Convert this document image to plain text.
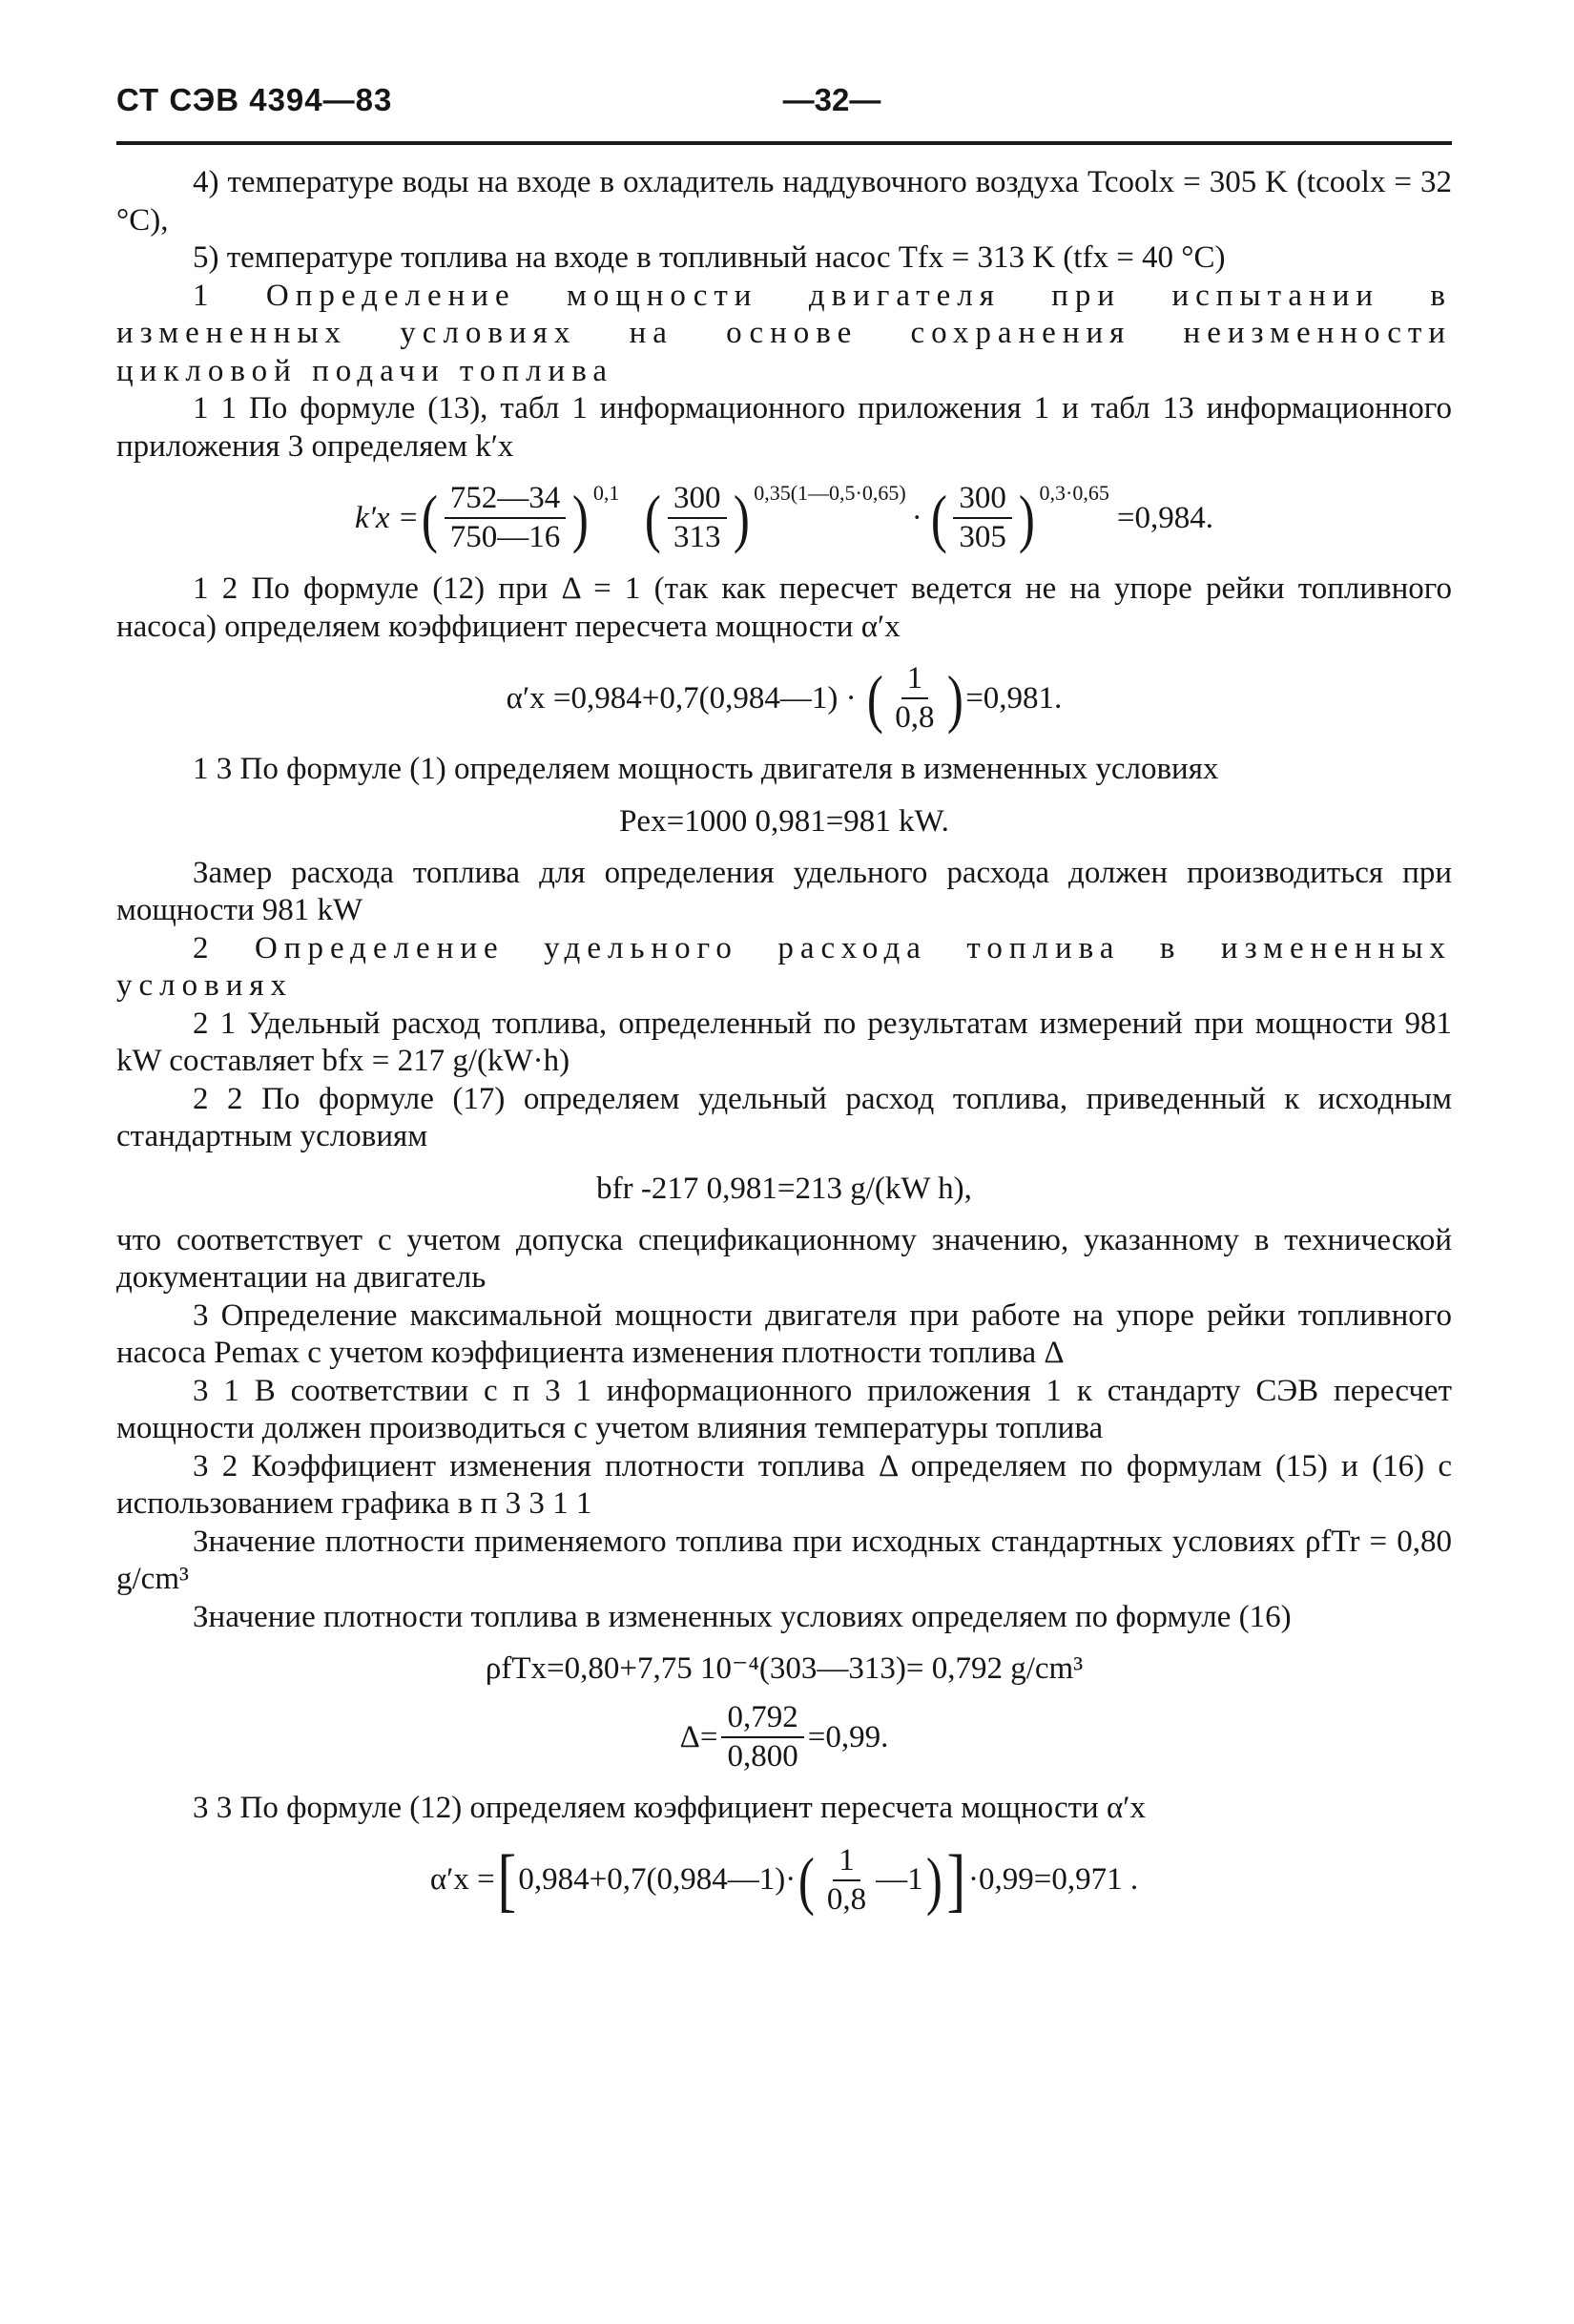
СТ СЭВ 4394—83	—32—

4) температуре воды на входе в охладитель наддувочного воздуха Tcoolx = 305 K (tcoolx = 32 °C),

5) температуре топлива на входе в топливный насос Tfx = 313 K (tfx = 40 °C)

1 Определение мощности двигателя при испытании в измененных условиях на основе сохранения неизменности цикловой подачи топлива

1 1 По формуле (13), табл 1 информационного приложения 1 и табл 13 информационного приложения 3 определяем k′x

k′x = ( $\frac{752—34}{750—16}$ ) 0,1 ( $\frac{300}{313}$ ) 0,35(1—0,5·0,65)
· ( $\frac{300}{305}$ ) 0,3·0,65
=0,984.

1 2 По формуле (12) при Δ = 1 (так как пересчет ведется не на упоре рейки топливного насоса) определяем коэффициент пересчета мощности α′x

α′x =0,984+0,7(0,984—1) · ( $\frac{1}{0,8}$ ) =0,981.

1 3 По формуле (1) определяем мощность двигателя в измененных условиях

Pex=1000 0,981=981 kW.

Замер расхода топлива для определения удельного расхода должен производиться при мощности 981 kW

2 Определение удельного расхода топлива в измененных условиях

2 1 Удельный расход топлива, определенный по результатам измерений при мощности 981 kW составляет bfx = 217 g/(kW·h)

2 2 По формуле (17) определяем удельный расход топлива, приведенный к исходным стандартным условиям

bfr -217 0,981=213 g/(kW h),

что соответствует с учетом допуска спецификационному значению, указанному в технической документации на двигатель

3 Определение максимальной мощности двигателя при работе на упоре рейки топливного насоса Pemax с учетом коэффициента изменения плотности топлива Δ

3 1 В соответствии с п 3 1 информационного приложения 1 к стандарту СЭВ пересчет мощности должен производиться с учетом влияния температуры топлива

3 2 Коэффициент изменения плотности топлива Δ определяем по формулам (15) и (16) с использованием графика в п 3 3 1 1

Значение плотности применяемого топлива при исходных стандартных условиях ρfTr = 0,80 g/cm³

Значение плотности топлива в измененных условиях определяем по формуле (16)

ρfTx=0,80+7,75 10⁻⁴(303—313)= 0,792 g/cm³
$\Delta= \frac{0,792}{0,800} =0,99$.

3 3 По формуле (12) определяем коэффициент пересчета мощности α′x

α′x = [ 0,984+0,7(0,984—1)· ( $\frac{1}{0,8}$ —1 ) ] ·0,99=0,971 .
